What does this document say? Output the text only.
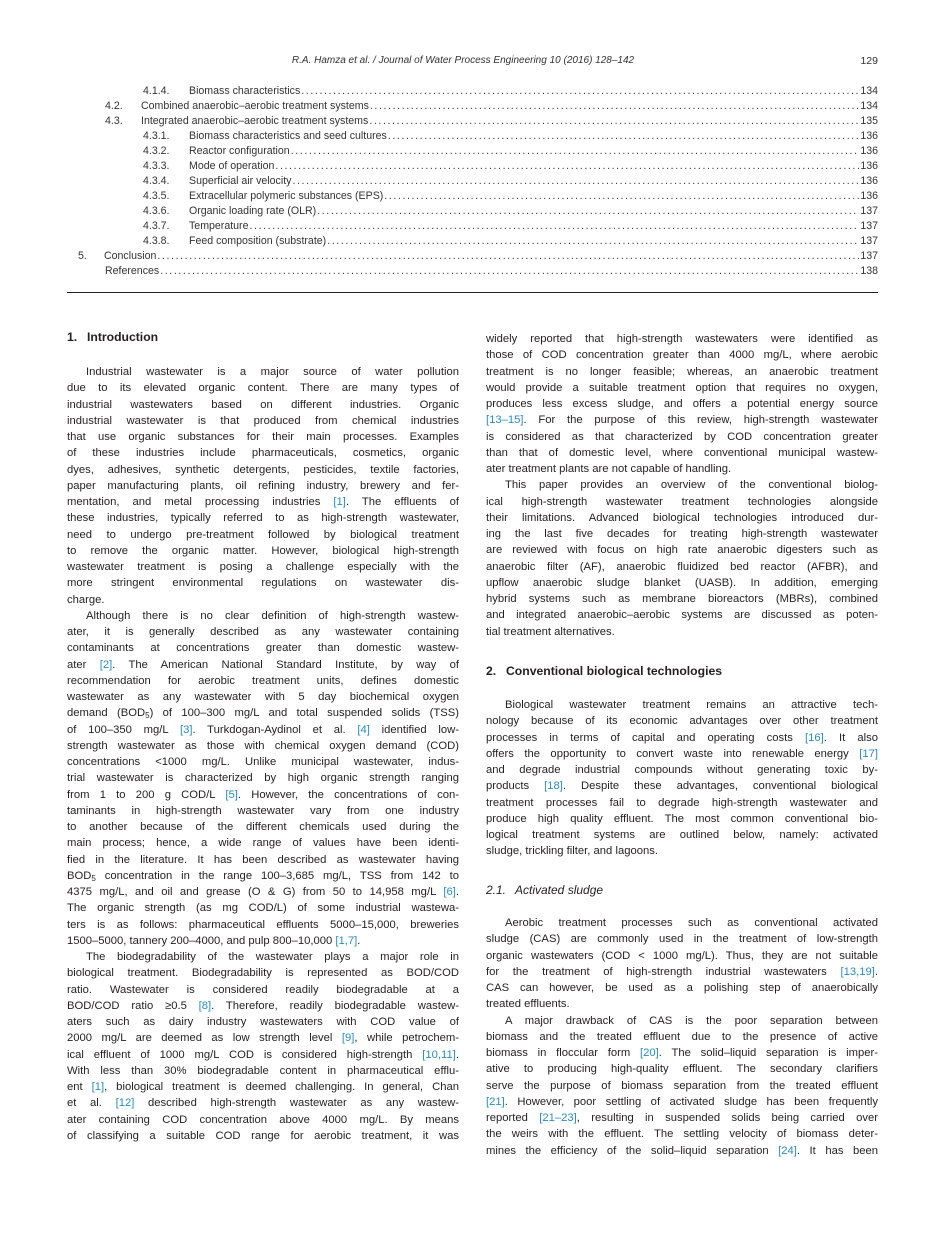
R.A. Hamza et al. / Journal of Water Process Engineering 10 (2016) 128–142	129
4.1.4. Biomass characteristics .....	134
4.2. Combined anaerobic–aerobic treatment systems .....	134
4.3. Integrated anaerobic–aerobic treatment systems .....	135
4.3.1. Biomass characteristics and seed cultures .....	136
4.3.2. Reactor configuration .....	136
4.3.3. Mode of operation .....	136
4.3.4. Superficial air velocity .....	136
4.3.5. Extracellular polymeric substances (EPS) .....	136
4.3.6. Organic loading rate (OLR) .....	137
4.3.7. Temperature .....	137
4.3.8. Feed composition (substrate) .....	137
5. Conclusion .....	137
References .....	138
1. Introduction
Industrial wastewater is a major source of water pollution
due to its elevated organic content. There are many types of
industrial wastewaters based on different industries. Organic
industrial wastewater is that produced from chemical industries
that use organic substances for their main processes. Examples
of these industries include pharmaceuticals, cosmetics, organic
dyes, adhesives, synthetic detergents, pesticides, textile factories,
paper manufacturing plants, oil refining industry, brewery and fer-
mentation, and metal processing industries [1]. The effluents of
these industries, typically referred to as high-strength wastewater,
need to undergo pre-treatment followed by biological treatment
to remove the organic matter. However, biological high-strength
wastewater treatment is posing a challenge especially with the
more stringent environmental regulations on wastewater dis-
charge.
Although there is no clear definition of high-strength wastew-
ater, it is generally described as any wastewater containing
contaminants at concentrations greater than domestic wastew-
ater [2]. The American National Standard Institute, by way of
recommendation for aerobic treatment units, defines domestic
wastewater as any wastewater with 5 day biochemical oxygen
demand $(BOD_5)$ of 100–300 mg/L and total suspended solids (TSS)
of 100–350 mg/L [3]. Turkdogan-Aydinol et al. [4] identified low-
strength wastewater as those with chemical oxygen demand (COD)
concentrations <1000 mg/L. Unlike municipal wastewater, indus-
trial wastewater is characterized by high organic strength ranging
from 1 to 200 g COD/L [5]. However, the concentrations of con-
taminants in high-strength wastewater vary from one industry
to another because of the different chemicals used during the
main process; hence, a wide range of values have been identi-
fied in the literature. It has been described as wastewater having
$BOD_5$ concentration in the range 100–3,685 mg/L, TSS from 142 to
4375 mg/L, and oil and grease (O & G) from 50 to 14,958 mg/L [6].
The organic strength (as mg COD/L) of some industrial wastewa-
ters is as follows: pharmaceutical effluents 5000–15,000, breweries
1500–5000, tannery 200–4000, and pulp 800–10,000 [1,7].
The biodegradability of the wastewater plays a major role in
biological treatment. Biodegradability is represented as BOD/COD
ratio. Wastewater is considered readily biodegradable at a
BOD/COD ratio ≥0.5 [8]. Therefore, readily biodegradable wastew-
aters such as dairy industry wastewaters with COD value of
2000 mg/L are deemed as low strength level [9], while petrochem-
ical effluent of 1000 mg/L COD is considered high-strength [10,11].
With less than 30% biodegradable content in pharmaceutical efflu-
ent [1], biological treatment is deemed challenging. In general, Chan
et al. [12] described high-strength wastewater as any wastew-
ater containing COD concentration above 4000 mg/L. By means
of classifying a suitable COD range for aerobic treatment, it was
widely reported that high-strength wastewaters were identified as
those of COD concentration greater than 4000 mg/L, where aerobic
treatment is no longer feasible; whereas, an anaerobic treatment
would provide a suitable treatment option that requires no oxygen,
produces less excess sludge, and offers a potential energy source
[13–15]. For the purpose of this review, high-strength wastewater
is considered as that characterized by COD concentration greater
than that of domestic level, where conventional municipal wastew-
ater treatment plants are not capable of handling.
This paper provides an overview of the conventional biolog-
ical high-strength wastewater treatment technologies alongside
their limitations. Advanced biological technologies introduced dur-
ing the last five decades for treating high-strength wastewater
are reviewed with focus on high rate anaerobic digesters such as
anaerobic filter (AF), anaerobic fluidized bed reactor (AFBR), and
upflow anaerobic sludge blanket (UASB). In addition, emerging
hybrid systems such as membrane bioreactors (MBRs), combined
and integrated anaerobic–aerobic systems are discussed as poten-
tial treatment alternatives.
2. Conventional biological technologies
Biological wastewater treatment remains an attractive tech-
nology because of its economic advantages over other treatment
processes in terms of capital and operating costs [16]. It also
offers the opportunity to convert waste into renewable energy [17]
and degrade industrial compounds without generating toxic by-
products [18]. Despite these advantages, conventional biological
treatment processes fail to degrade high-strength wastewater and
produce high quality effluent. The most common conventional bio-
logical treatment systems are outlined below, namely: activated
sludge, trickling filter, and lagoons.
2.1. Activated sludge
Aerobic treatment processes such as conventional activated
sludge (CAS) are commonly used in the treatment of low-strength
organic wastewaters (COD < 1000 mg/L). Thus, they are not suitable
for the treatment of high-strength industrial wastewaters [13,19].
CAS can however, be used as a polishing step of anaerobically
treated effluents.
A major drawback of CAS is the poor separation between
biomass and the treated effluent due to the presence of active
biomass in floccular form [20]. The solid–liquid separation is imper-
ative to producing high-quality effluent. The secondary clarifiers
serve the purpose of biomass separation from the treated effluent
[21]. However, poor settling of activated sludge has been frequently
reported [21–23], resulting in suspended solids being carried over
the weirs with the effluent. The settling velocity of biomass deter-
mines the efficiency of the solid–liquid separation [24]. It has been
